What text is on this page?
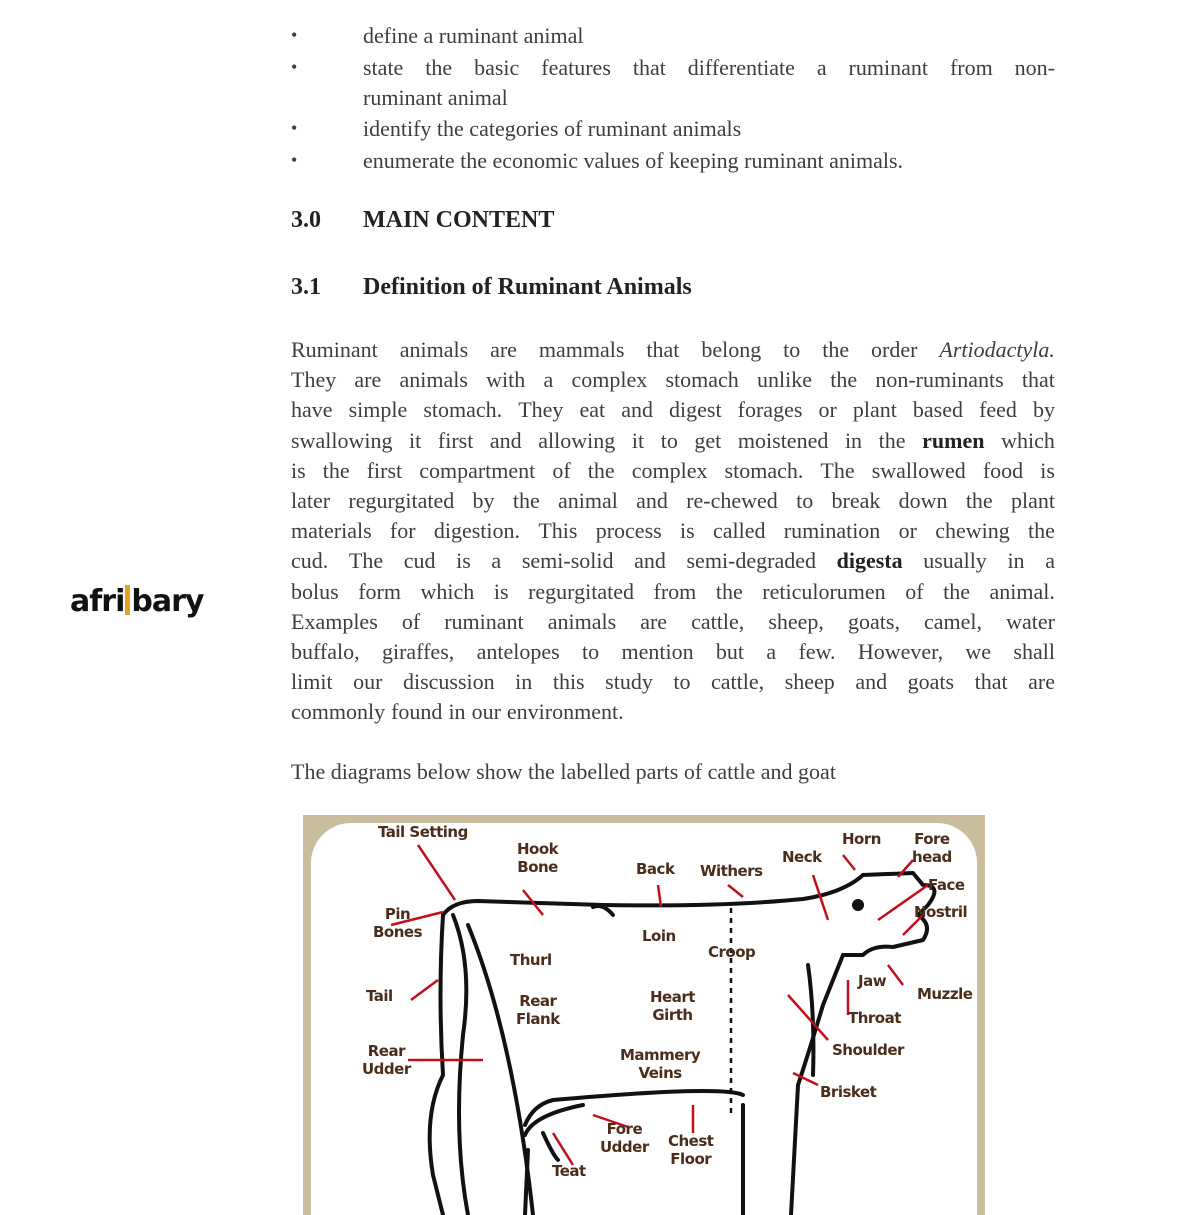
•	define a ruminant animal
•	state the basic features that differentiate a ruminant from non-
ruminant animal
•	identify the categories of ruminant animals
•	enumerate the economic values of keeping ruminant animals.
3.0 MAIN CONTENT
3.1 Definition of Ruminant Animals
Ruminant animals are mammals that belong to the order Artiodactyla.
They are animals with a complex stomach unlike the non-ruminants that
have simple stomach. They eat and digest forages or plant based feed by
swallowing it first and allowing it to get moistened in the rumen which
is the first compartment of the complex stomach. The swallowed food is
later regurgitated by the animal and re-chewed to break down the plant
materials for digestion. This process is called rumination or chewing the
cud. The cud is a semi-solid and semi-degraded digesta usually in a
bolus form which is regurgitated from the reticulorumen of the animal.
Examples of ruminant animals are cattle, sheep, goats, camel, water
buffalo, giraffes, antelopes to mention but a few. However, we shall
limit our discussion in this study to cattle, sheep and goats that are
commonly found in our environment.
The diagrams below show the labelled parts of cattle and goat
afri bary
Tail Setting
Hook
Bone	Back Withers
Neck
Horn Fore
head
Face
Nostril
Pin
Bones	Loin
Thurl	Croop
Tail
Jaw
Muzzle
Rear
Flank
Heart
Girth	Throat
Shoulder
Rear
Udder
Mammery
Veins
Brisket
Fore
Udder Chest
Floor
Teat
